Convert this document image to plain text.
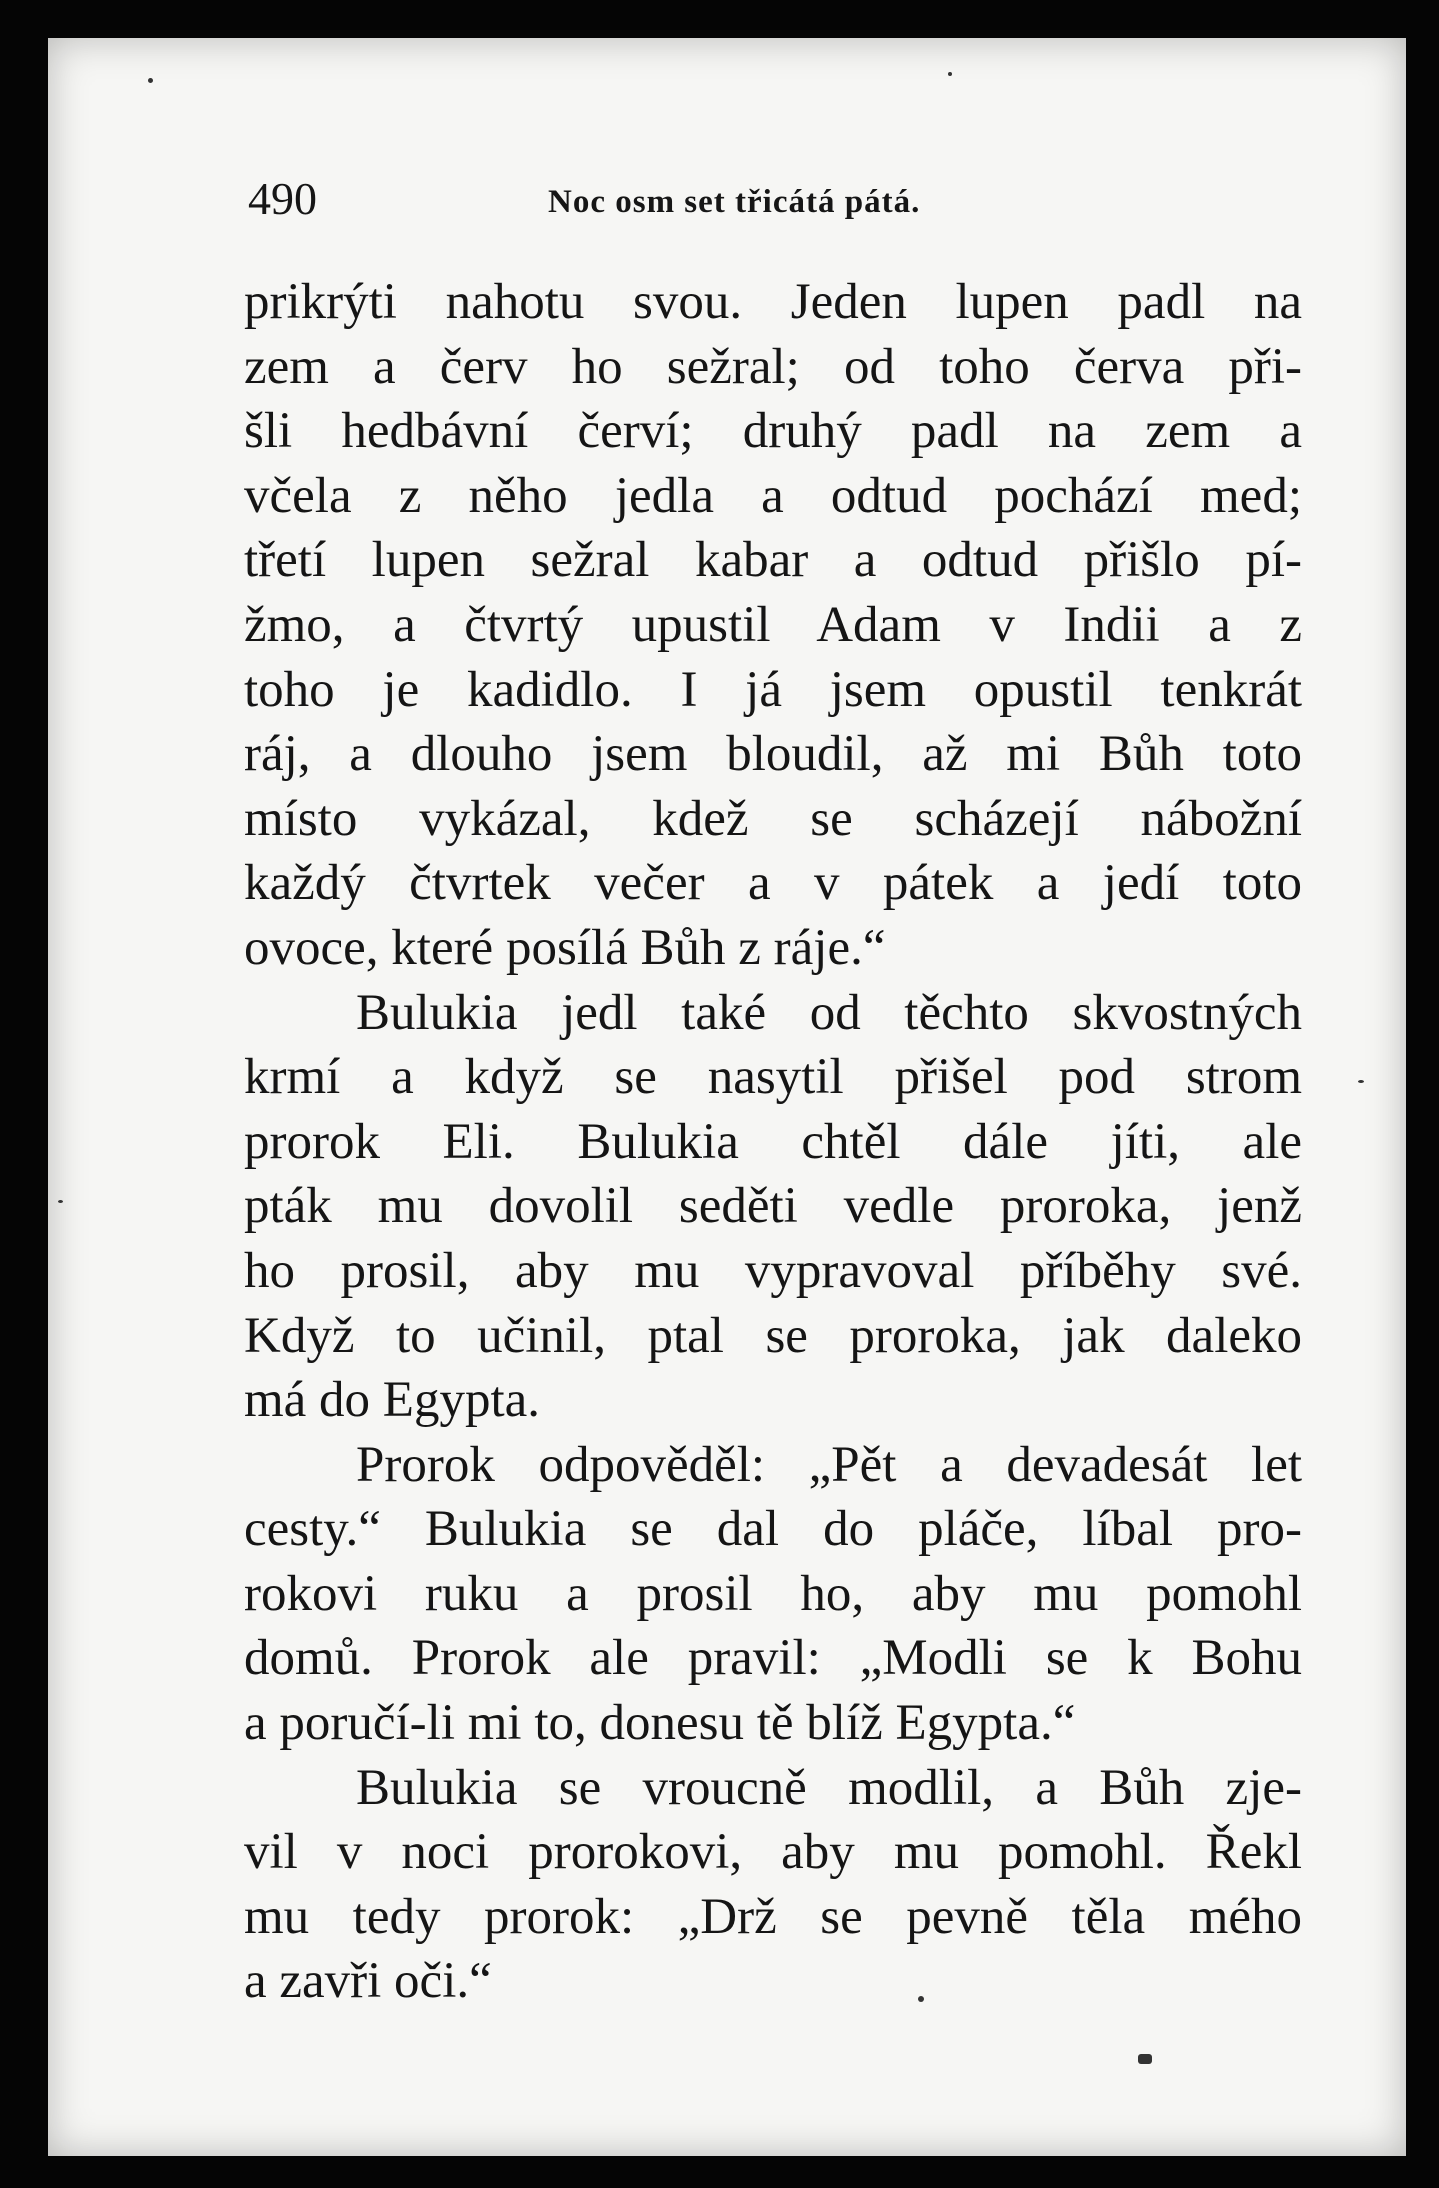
490	Noc osm set třicátá pátá.
prikrýti nahotu svou. Jeden lupen padl na
zem a červ ho sežral; od toho červa při-
šli hedbávní červí; druhý padl na zem a
včela z něho jedla a odtud pochází med;
třetí lupen sežral kabar a odtud přišlo pí-
žmo, a čtvrtý upustil Adam v Indii a z
toho je kadidlo. I já jsem opustil tenkrát
ráj, a dlouho jsem bloudil, až mi Bůh toto
místo vykázal, kdež se scházejí nábožní
každý čtvrtek večer a v pátek a jedí toto
ovoce, které posílá Bůh z ráje.“
Bulukia jedl také od těchto skvostných
krmí a když se nasytil přišel pod strom
prorok Eli. Bulukia chtěl dále jíti, ale
pták mu dovolil seděti vedle proroka, jenž
ho prosil, aby mu vypravoval příběhy své.
Když to učinil, ptal se proroka, jak daleko
má do Egypta.
Prorok odpověděl: „Pět a devadesát let
cesty.“ Bulukia se dal do pláče, líbal pro-
rokovi ruku a prosil ho, aby mu pomohl
domů. Prorok ale pravil: „Modli se k Bohu
a poručí-li mi to, donesu tě blíž Egypta.“
Bulukia se vroucně modlil, a Bůh zje-
vil v noci prorokovi, aby mu pomohl. Řekl
mu tedy prorok: „Drž se pevně těla mého
a zavři oči.“
